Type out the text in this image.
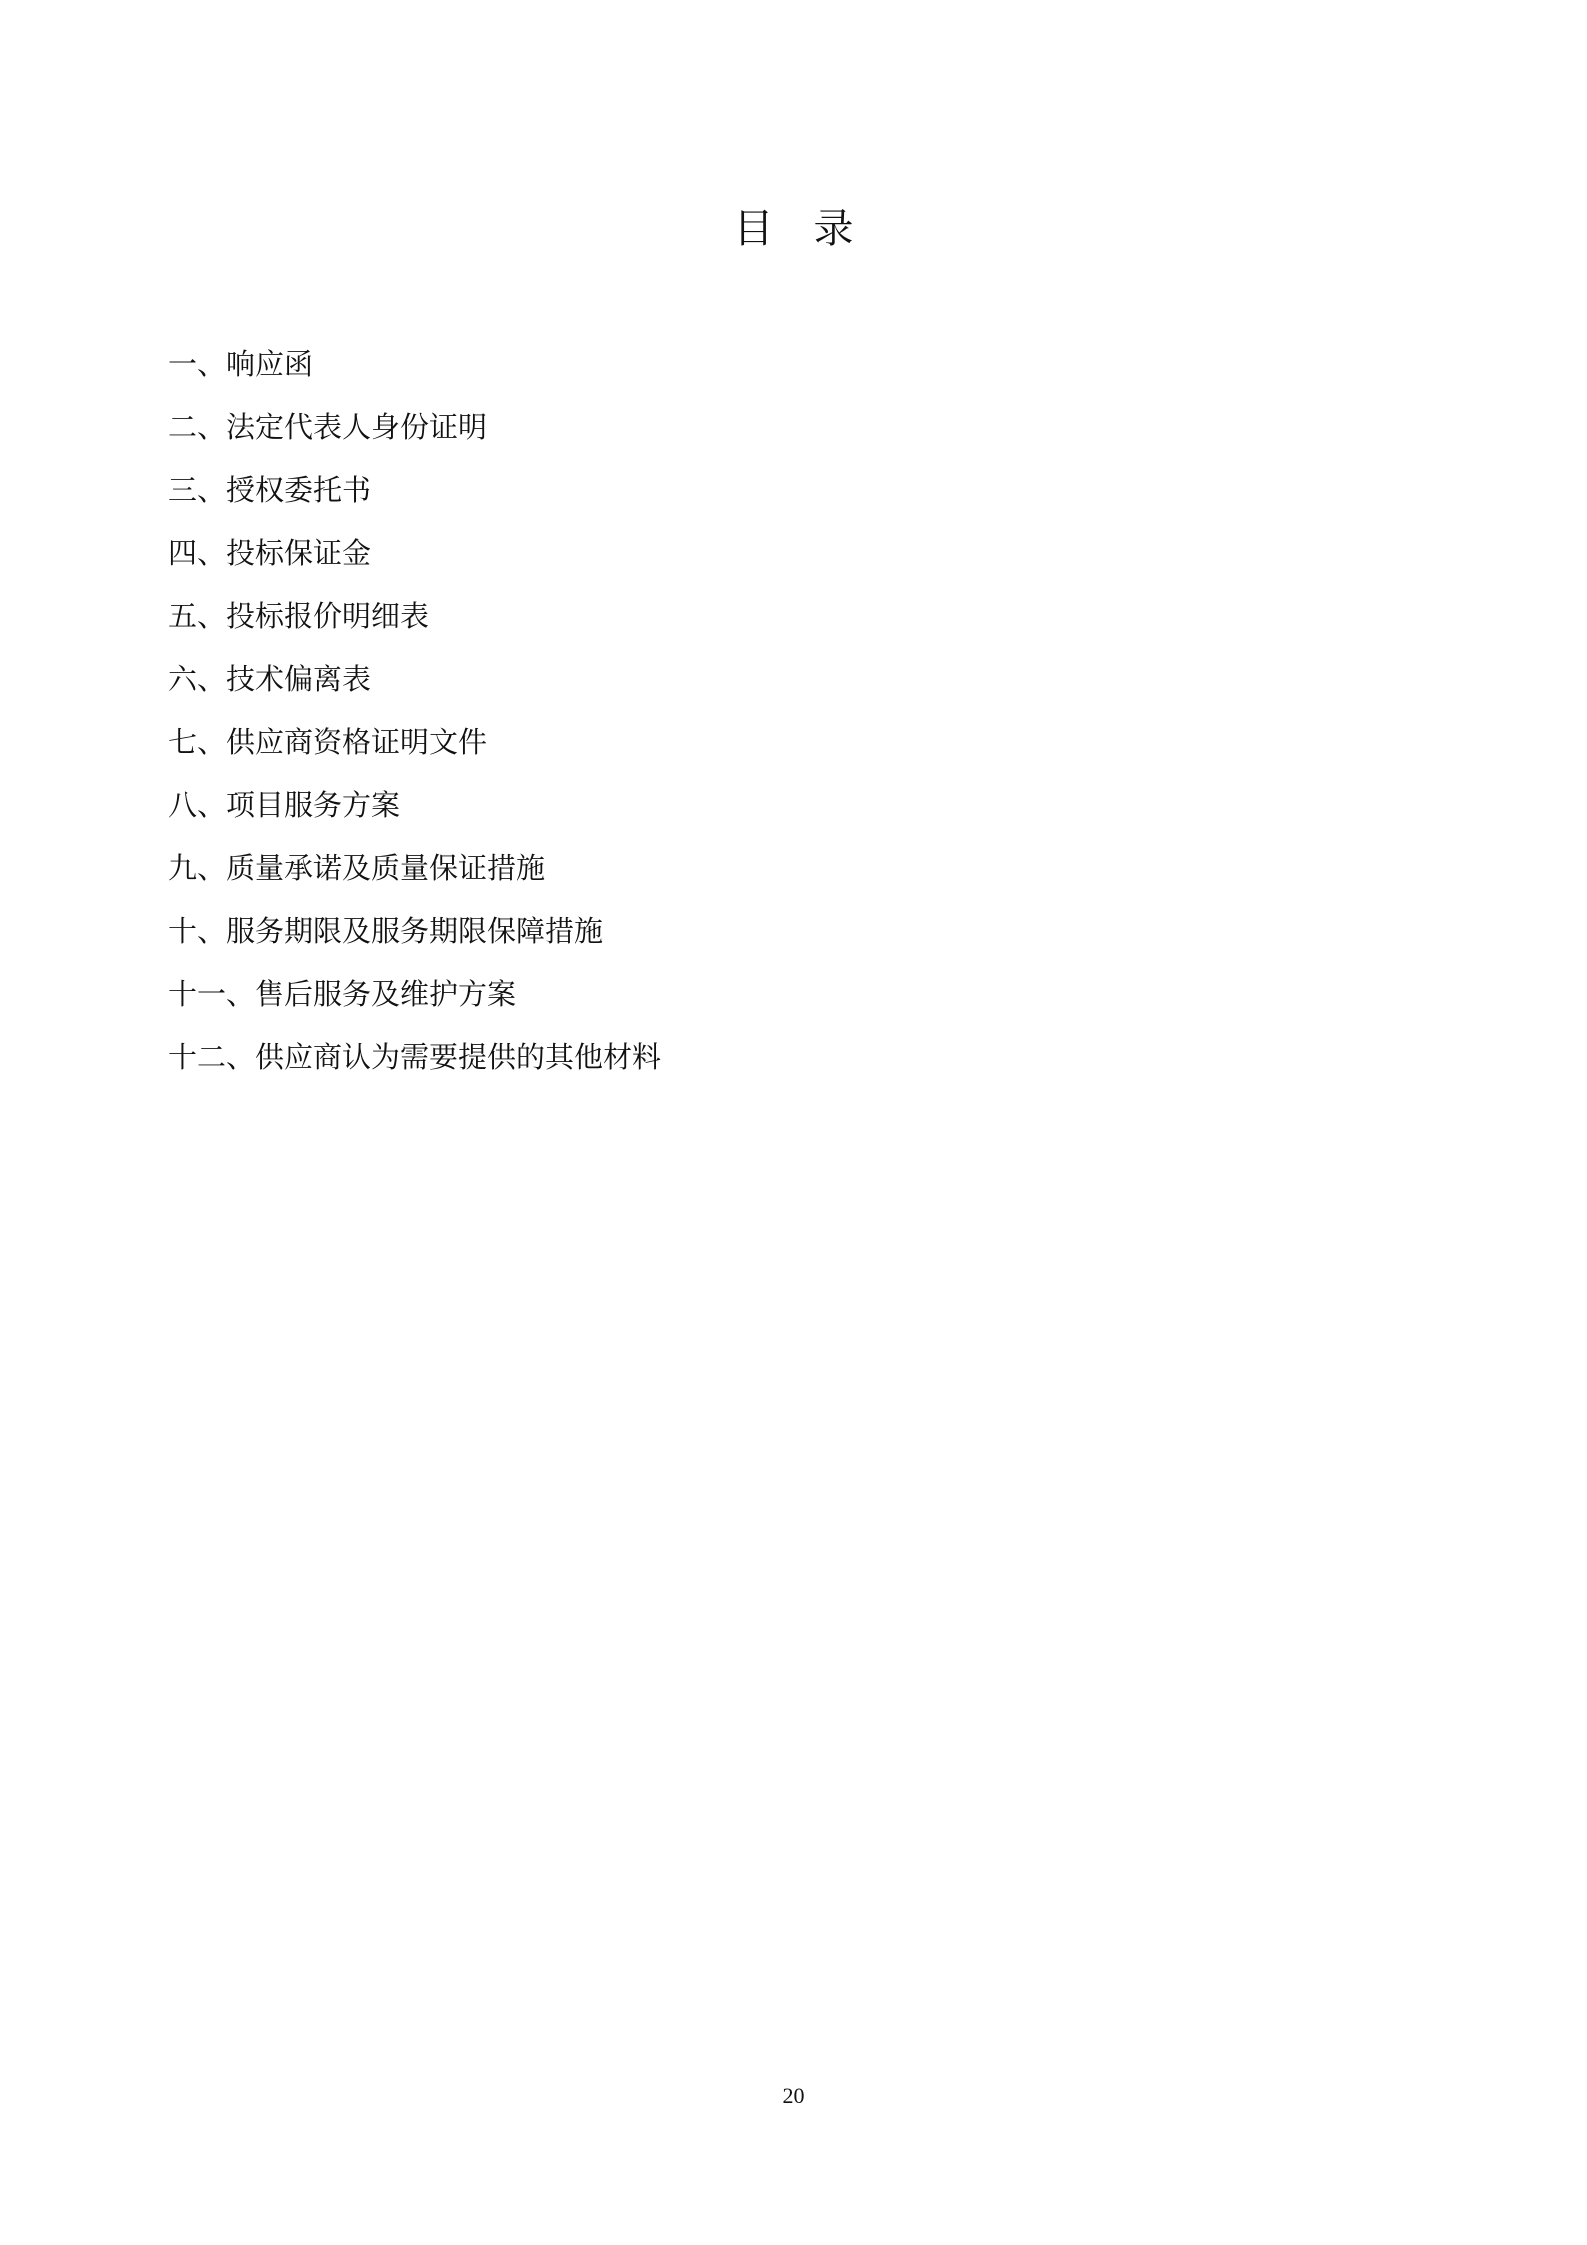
目　录
一、响应函
二、法定代表人身份证明
三、授权委托书
四、投标保证金
五、投标报价明细表
六、技术偏离表
七、供应商资格证明文件
八、项目服务方案
九、质量承诺及质量保证措施
十、服务期限及服务期限保障措施
十一、售后服务及维护方案
十二、供应商认为需要提供的其他材料
20
